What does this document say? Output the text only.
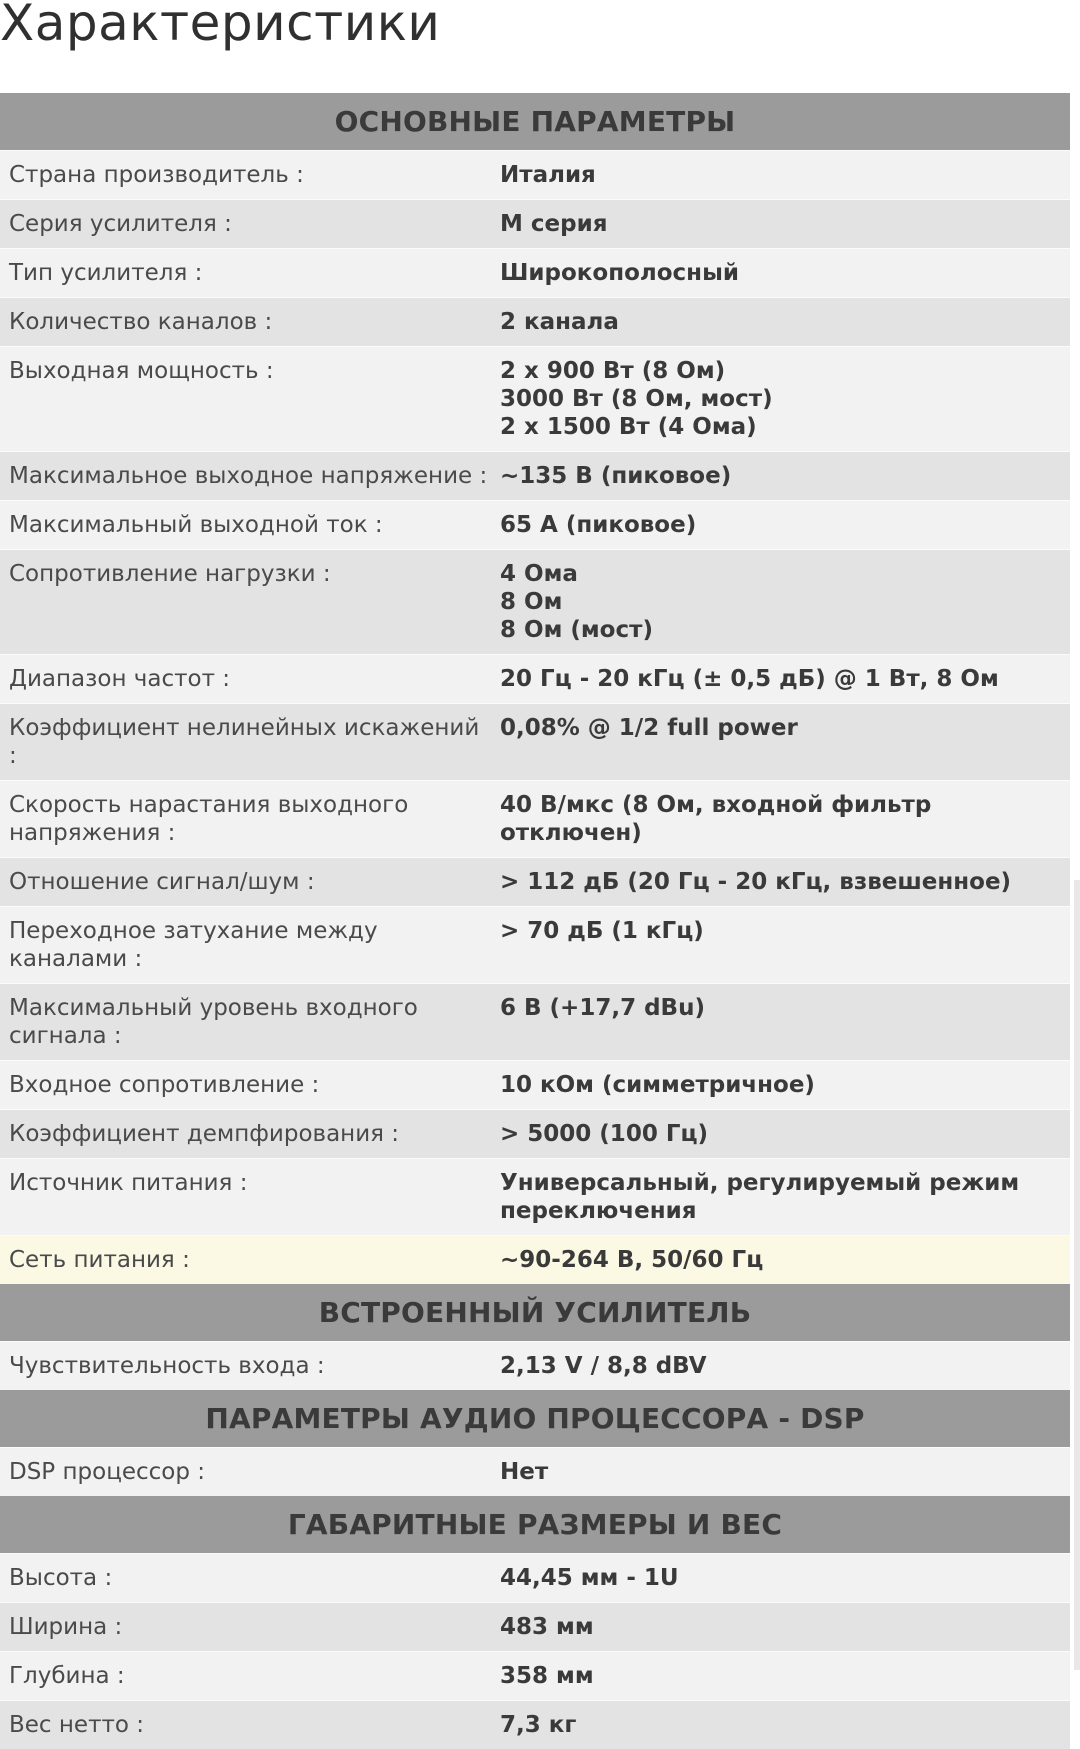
Характеристики
ОСНОВНЫЕ ПАРАМЕТРЫ
Страна производитель :	Италия
Серия усилителя :	M серия
Тип усилителя :	Широкополосный
Количество каналов :	2 канала
Выходная мощность :	2 x 900 Вт (8 Ом)
3000 Вт (8 Ом, мост)
2 x 1500 Вт (4 Ома)
Максимальное выходное напряжение : ~135 В (пиковое)
Максимальный выходной ток :	65 А (пиковое)
Сопротивление нагрузки :	4 Ома
8 Ом
8 Ом (мост)
Диапазон частот :	20 Гц - 20 кГц (± 0,5 дБ) @ 1 Вт, 8 Ом
Коэффициент нелинейных искажений :
0,08% @ 1/2 full power
Скорость нарастания выходного напряжения :
40 В/мкс (8 Ом, входной фильтр отключен)
Отношение сигнал/шум :	> 112 дБ (20 Гц - 20 кГц, взвешенное)
Переходное затухание между каналами :
> 70 дБ (1 кГц)
Максимальный уровень входного сигнала :
6 В (+17,7 dBu)
Входное сопротивление :	10 кОм (симметричное)
Коэффициент демпфирования :	> 5000 (100 Гц)
Источник питания :	Универсальный, регулируемый режим переключения
Сеть питания :	~90-264 В, 50/60 Гц
ВСТРОЕННЫЙ УСИЛИТЕЛЬ
Чувствительность входа :	2,13 V / 8,8 dBV
ПАРАМЕТРЫ АУДИО ПРОЦЕССОРА - DSP
DSP процессор :	Нет
ГАБАРИТНЫЕ РАЗМЕРЫ И ВЕС
Высота :	44,45 мм - 1U
Ширина :	483 мм
Глубина :	358 мм
Вес нетто :	7,3 кг
